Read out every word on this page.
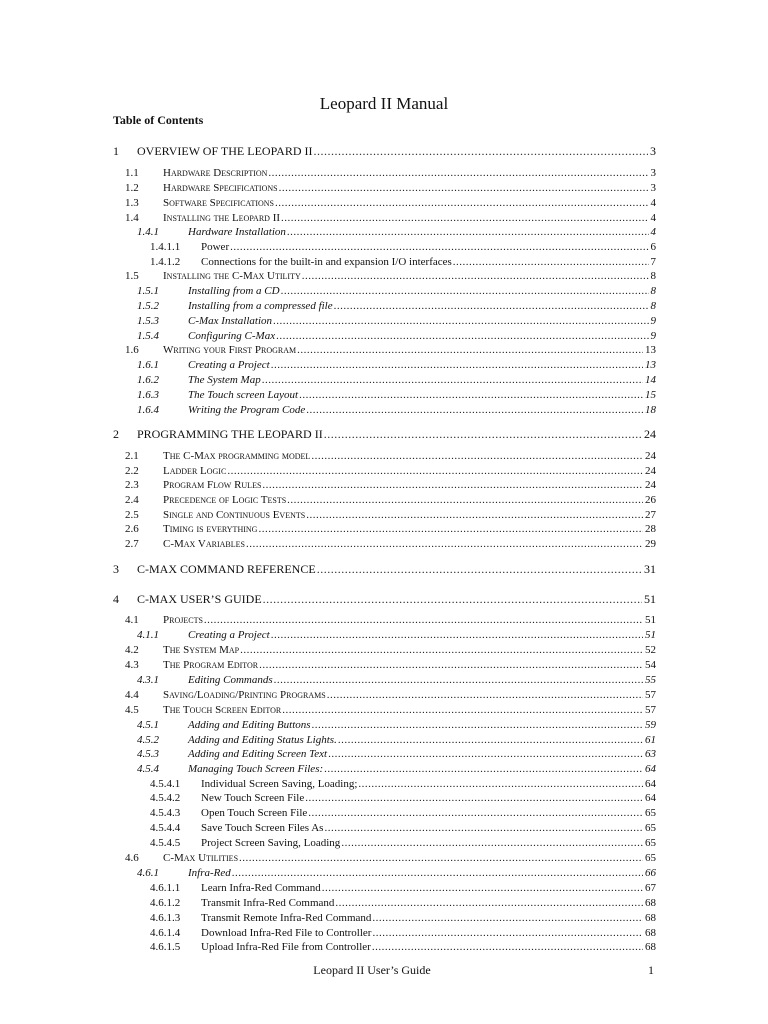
Leopard II Manual
Table of Contents
1 OVERVIEW OF THE LEOPARD II .....	3
1.1 Hardware Description .....	3
1.2 Hardware Specifications .....	3
1.3 Software Specifications .....	4
1.4 Installing the Leopard II .....	4
1.4.1	Hardware Installation .....	4
1.4.1.1 Power .....	6
1.4.1.2 Connections for the built-in and expansion I/O interfaces .....	7
1.5 Installing the C-Max Utility .....	8
1.5.1	Installing from a CD .....	8
1.5.2	Installing from a compressed file .....	8
1.5.3	C-Max Installation .....	9
1.5.4	Configuring C-Max .....	9
1.6 Writing your First Program .....	13
1.6.1	Creating a Project .....	13
1.6.2	The System Map .....	14
1.6.3	The Touch screen Layout .....	15
1.6.4	Writing the Program Code .....	18
2 PROGRAMMING THE LEOPARD II .....	24
2.1 The C-Max programming model .....	24
2.2 Ladder Logic .....	24
2.3 Program Flow Rules .....	24
2.4 Precedence of Logic Tests .....	26
2.5 Single and Continuous Events .....	27
2.6 Timing is everything .....	28
2.7 C-Max Variables .....	29
3 C-MAX COMMAND REFERENCE .....	31
4 C-MAX USER’S GUIDE .....	51
4.1 Projects .....	51
4.1.1	Creating a Project .....	51
4.2 The System Map .....	52
4.3 The Program Editor .....	54
4.3.1	Editing Commands .....	55
4.4 Saving/Loading/Printing Programs .....	57
4.5 The Touch Screen Editor .....	57
4.5.1	Adding and Editing Buttons .....	59
4.5.2	Adding and Editing Status Lights. .....	61
4.5.3	Adding and Editing Screen Text .....	63
4.5.4	Managing Touch Screen Files: .....	64
4.5.4.1 Individual Screen Saving, Loading; .....	64
4.5.4.2 New Touch Screen File .....	64
4.5.4.3 Open Touch Screen File .....	65
4.5.4.4 Save Touch Screen Files As .....	65
4.5.4.5 Project Screen Saving, Loading .....	65
4.6 C-Max Utilities .....	65
4.6.1	Infra-Red .....	66
4.6.1.1 Learn Infra-Red Command .....	67
4.6.1.2 Transmit Infra-Red Command .....	68
4.6.1.3 Transmit Remote Infra-Red Command .....	68
4.6.1.4 Download Infra-Red File to Controller .....	68
4.6.1.5 Upload Infra-Red File from Controller .....	68
Leopard II User’s Guide	1
